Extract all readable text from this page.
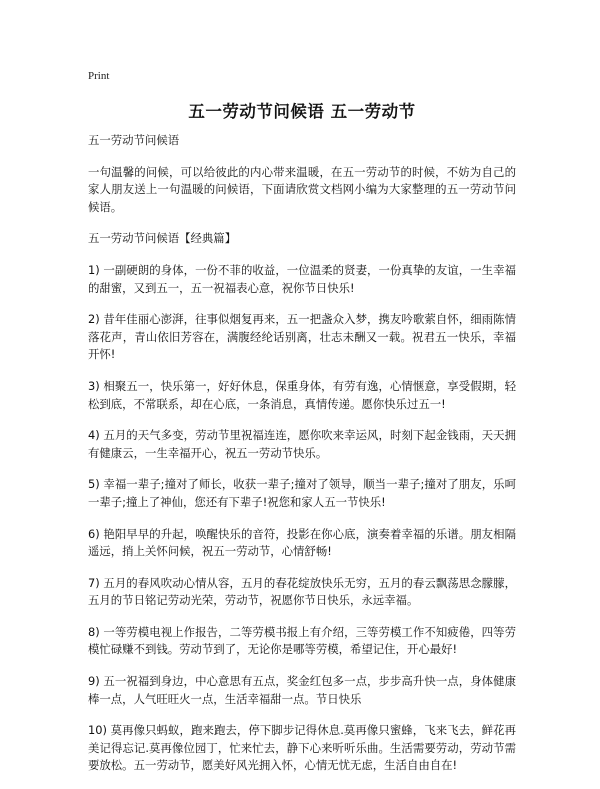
Print
五一劳动节问候语 五一劳动节

五一劳动节问候语

一句温馨的问候，可以给彼此的内心带来温暖，在五一劳动节的时候，不妨为自己的家人朋友送上一句温暖的问候语，下面请欣赏文档网小编为大家整理的五一劳动节问候语。

五一劳动节问候语【经典篇】

1) 一副硬朗的身体，一份不菲的收益，一位温柔的贤妻，一份真挚的友谊，一生幸福的甜蜜，又到五一，五一祝福表心意，祝你节日快乐!

2) 昔年佳丽心澎湃，往事似烟复再来，五一把盏众入梦，携友吟歌萦自怀，细雨陈情落花声，青山依旧芳容在，满腹经纶话别离，壮志未酬又一载。祝君五一快乐，幸福开怀!

3) 相聚五一，快乐第一，好好休息，保重身体，有劳有逸，心情惬意，享受假期，轻松到底，不常联系，却在心底，一条消息，真情传递。愿你快乐过五一!

4) 五月的天气多变，劳动节里祝福连连，愿你吹来幸运风，时刻下起金钱雨，天天拥有健康云，一生幸福开心，祝五一劳动节快乐。

5) 幸福一辈子;撞对了师长，收获一辈子;撞对了领导，顺当一辈子;撞对了朋友，乐呵一辈子;撞上了神仙，您还有下辈子!祝您和家人五一节快乐!

6) 艳阳早早的升起，唤醒快乐的音符，投影在你心底，演奏着幸福的乐谱。朋友相隔遥远，捎上关怀问候，祝五一劳动节，心情舒畅!

7) 五月的春风吹动心情从容，五月的春花绽放快乐无穷，五月的春云飘荡思念朦朦，五月的节日铭记劳动光荣，劳动节，祝愿你节日快乐，永远幸福。

8) 一等劳模电视上作报告，二等劳模书报上有介绍，三等劳模工作不知疲倦，四等劳模忙碌赚不到钱。劳动节到了，无论你是哪等劳模，希望记住，开心最好!

9) 五一祝福到身边，中心意思有五点，奖金红包多一点，步步高升快一点，身体健康棒一点，人气旺旺火一点，生活幸福甜一点。节日快乐

10) 莫再像只蚂蚁，跑来跑去，停下脚步记得休息.莫再像只蜜蜂，飞来飞去，鲜花再美记得忘记.莫再像位园丁，忙来忙去，静下心来听听乐曲。生活需要劳动，劳动节需要放松。五一劳动节，愿美好风光拥入怀，心情无忧无虑，生活自由自在!
